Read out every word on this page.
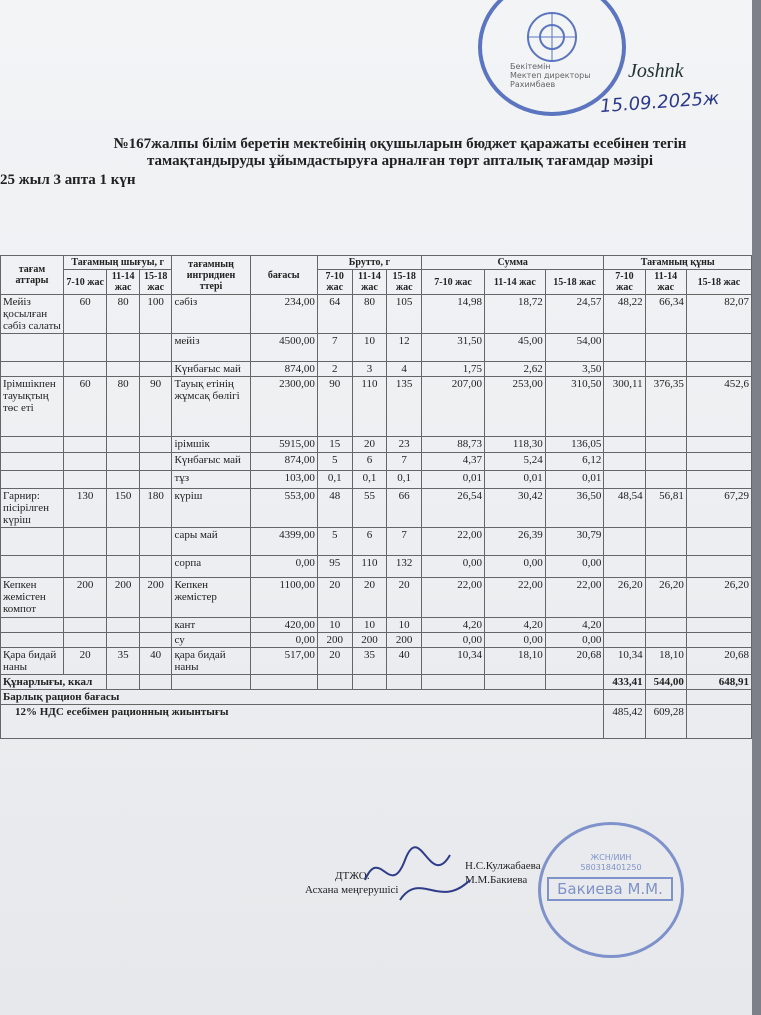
Бекітемін
Мектеп директоры
Рахимбаев
Joshnk
15.09.2025ж
№167жалпы білім беретін мектебінің оқушыларын бюджет қаражаты есебінен тегін
тамақтандыруды ұйымдастыруға арналған төрт апталық тағамдар мәзірі
25 жыл 3 апта 1 күн
тағам аттары	Тағамның шығуы, г			тағамның ингридиен ттері	бағасы	Брутто, г			Сумма			Тағамның құны		
	7-10 жас	11-14 жас	15-18 жас			7-10 жас	11-14 жас	15-18 жас	7-10 жас	11-14 жас	15-18 жас	7-10 жас	11-14 жас	15-18 жас
Мейіз қосылған сәбіз салаты	60	80	100	сәбіз	234,00	64	80	105	14,98	18,72	24,57	48,22	66,34	82,07
				мейіз	4500,00	7	10	12	31,50	45,00	54,00			
				Күнбағыс май	874,00	2	3	4	1,75	2,62	3,50			
Ірімшікпен тауықтың төс еті	60	80	90	Тауық етінің жұмсақ бөлігі	2300,00	90	110	135	207,00	253,00	310,50	300,11	376,35	452,6
				ірімшік	5915,00	15	20	23	88,73	118,30	136,05			
				Күнбағыс май	874,00	5	6	7	4,37	5,24	6,12			
				тұз	103,00	0,1	0,1	0,1	0,01	0,01	0,01			
Гарнир: пісірілген күріш	130	150	180	күріш	553,00	48	55	66	26,54	30,42	36,50	48,54	56,81	67,29
				сары май	4399,00	5	6	7	22,00	26,39	30,79			
				сорпа	0,00	95	110	132	0,00	0,00	0,00			
Кепкен жемістен компот	200	200	200	Кепкен жемістер	1100,00	20	20	20	22,00	22,00	22,00	26,20	26,20	26,20
				кант	420,00	10	10	10	4,20	4,20	4,20			
				су	0,00	200	200	200	0,00	0,00	0,00			
Қара бидай наны	20	35	40	қара бидай наны	517,00	20	35	40	10,34	18,10	20,68	10,34	18,10	20,68
Құнарлығы, ккал												433,41	544,00	648,91
Барлық рацион бағасы														
12% НДС есебімен рационның жиынтығы												485,42	609,28	
ДТЖО:
Асхана меңгерушісі
Н.С.Кулжабаева
М.М.Бакиева
ЖСН/ИИН
580318401250
Бакиева М.М.
